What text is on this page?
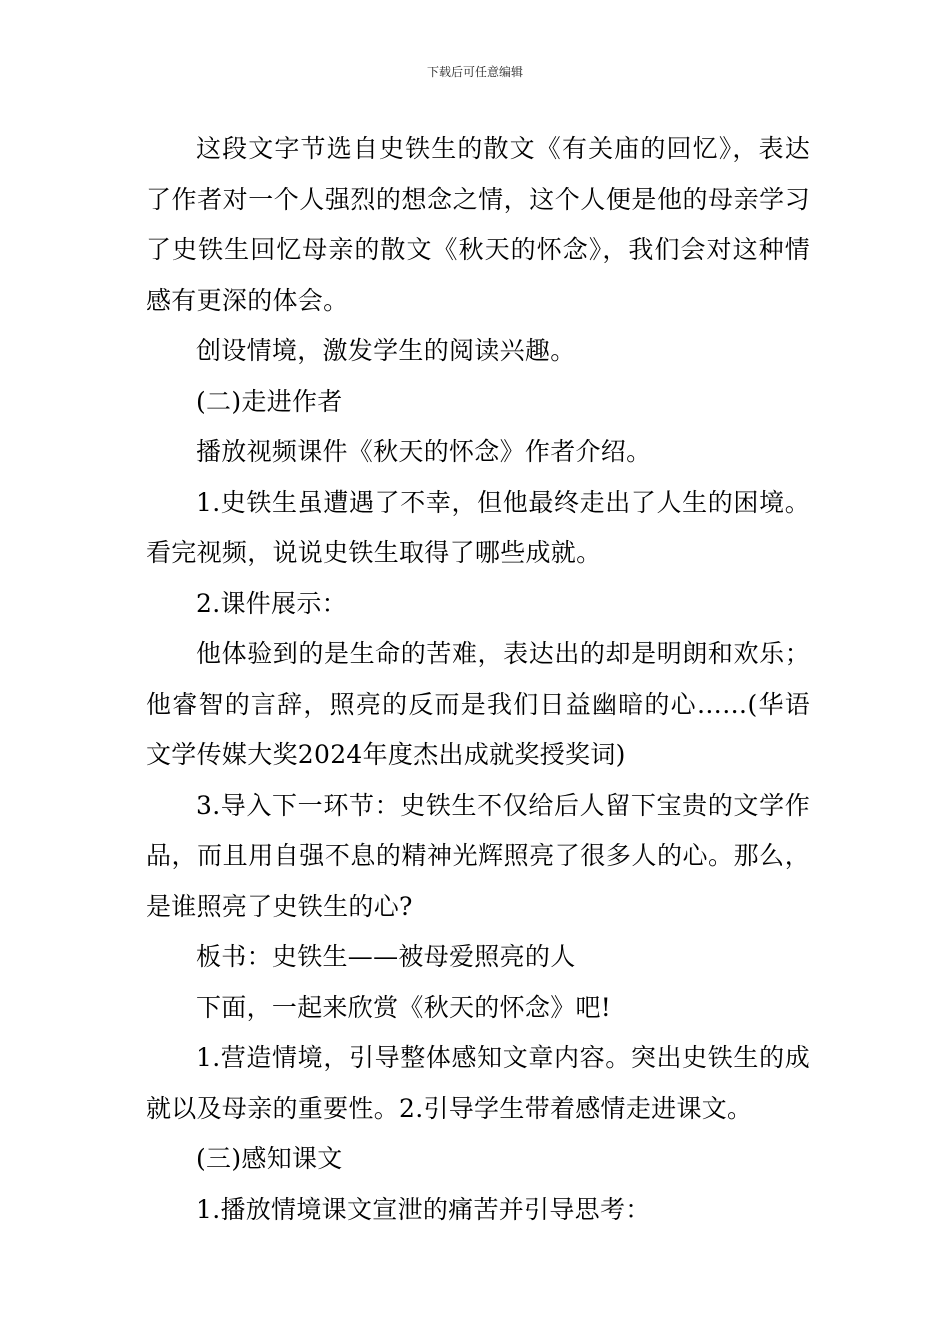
下载后可任意编辑

这段文字节选自史铁生的散文《有关庙的回忆》，表达了作者对一个人强烈的想念之情，这个人便是他的母亲学习了史铁生回忆母亲的散文《秋天的怀念》，我们会对这种情感有更深的体会。

创设情境，激发学生的阅读兴趣。

(二)走进作者

播放视频课件《秋天的怀念》作者介绍。

1.史铁生虽遭遇了不幸，但他最终走出了人生的困境。看完视频，说说史铁生取得了哪些成就。

2.课件展示：

他体验到的是生命的苦难，表达出的却是明朗和欢乐；他睿智的言辞，照亮的反而是我们日益幽暗的心……(华语文学传媒大奖2024年度杰出成就奖授奖词)

3.导入下一环节：史铁生不仅给后人留下宝贵的文学作品，而且用自强不息的精神光辉照亮了很多人的心。那么，是谁照亮了史铁生的心?

板书：史铁生——被母爱照亮的人

下面，一起来欣赏《秋天的怀念》吧!

1.营造情境，引导整体感知文章内容。突出史铁生的成就以及母亲的重要性。2.引导学生带着感情走进课文。

(三)感知课文

1.播放情境课文宣泄的痛苦并引导思考：
